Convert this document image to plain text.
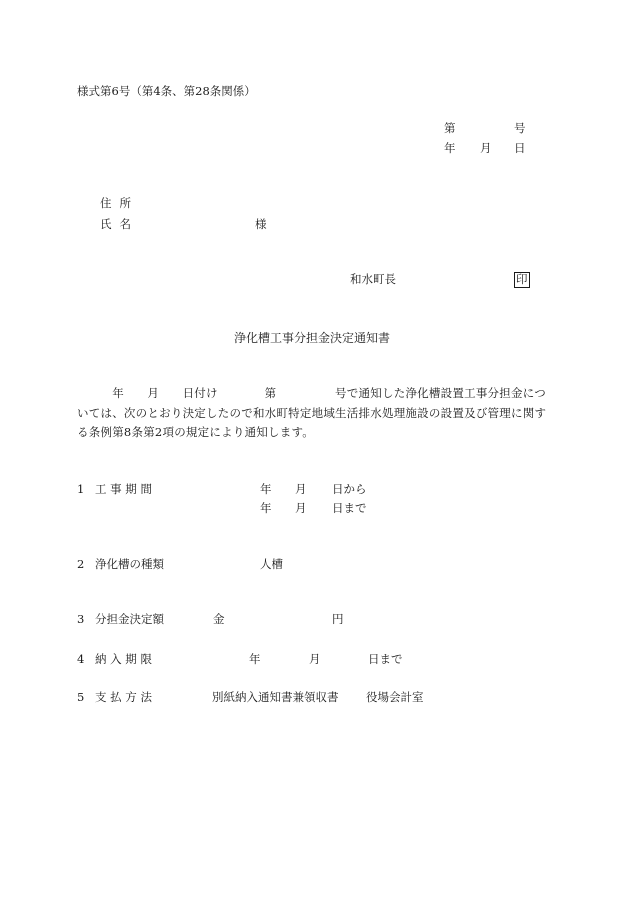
様式第6号（第4条、第28条関係）
第	号
年 月 日
住所
氏名	様
和水町長	印
浄化槽工事分担金決定通知書
　　　年　　月　　日付け　　　　第　　　　　号で通知した浄化槽設置工事分担金については、次のとおり決定したので和水町特定地域生活排水処理施設の設置及び管理に関する条例第8条第2項の規定により通知します。
1 工 事 期 間	年 月 日から
年 月 日まで
2 浄化槽の種類	人槽
3 分担金決定額	金	円
4 納 入 期 限	年	月	日まで
5 支 払 方 法	別紙納入通知書兼領収書 役場会計室
